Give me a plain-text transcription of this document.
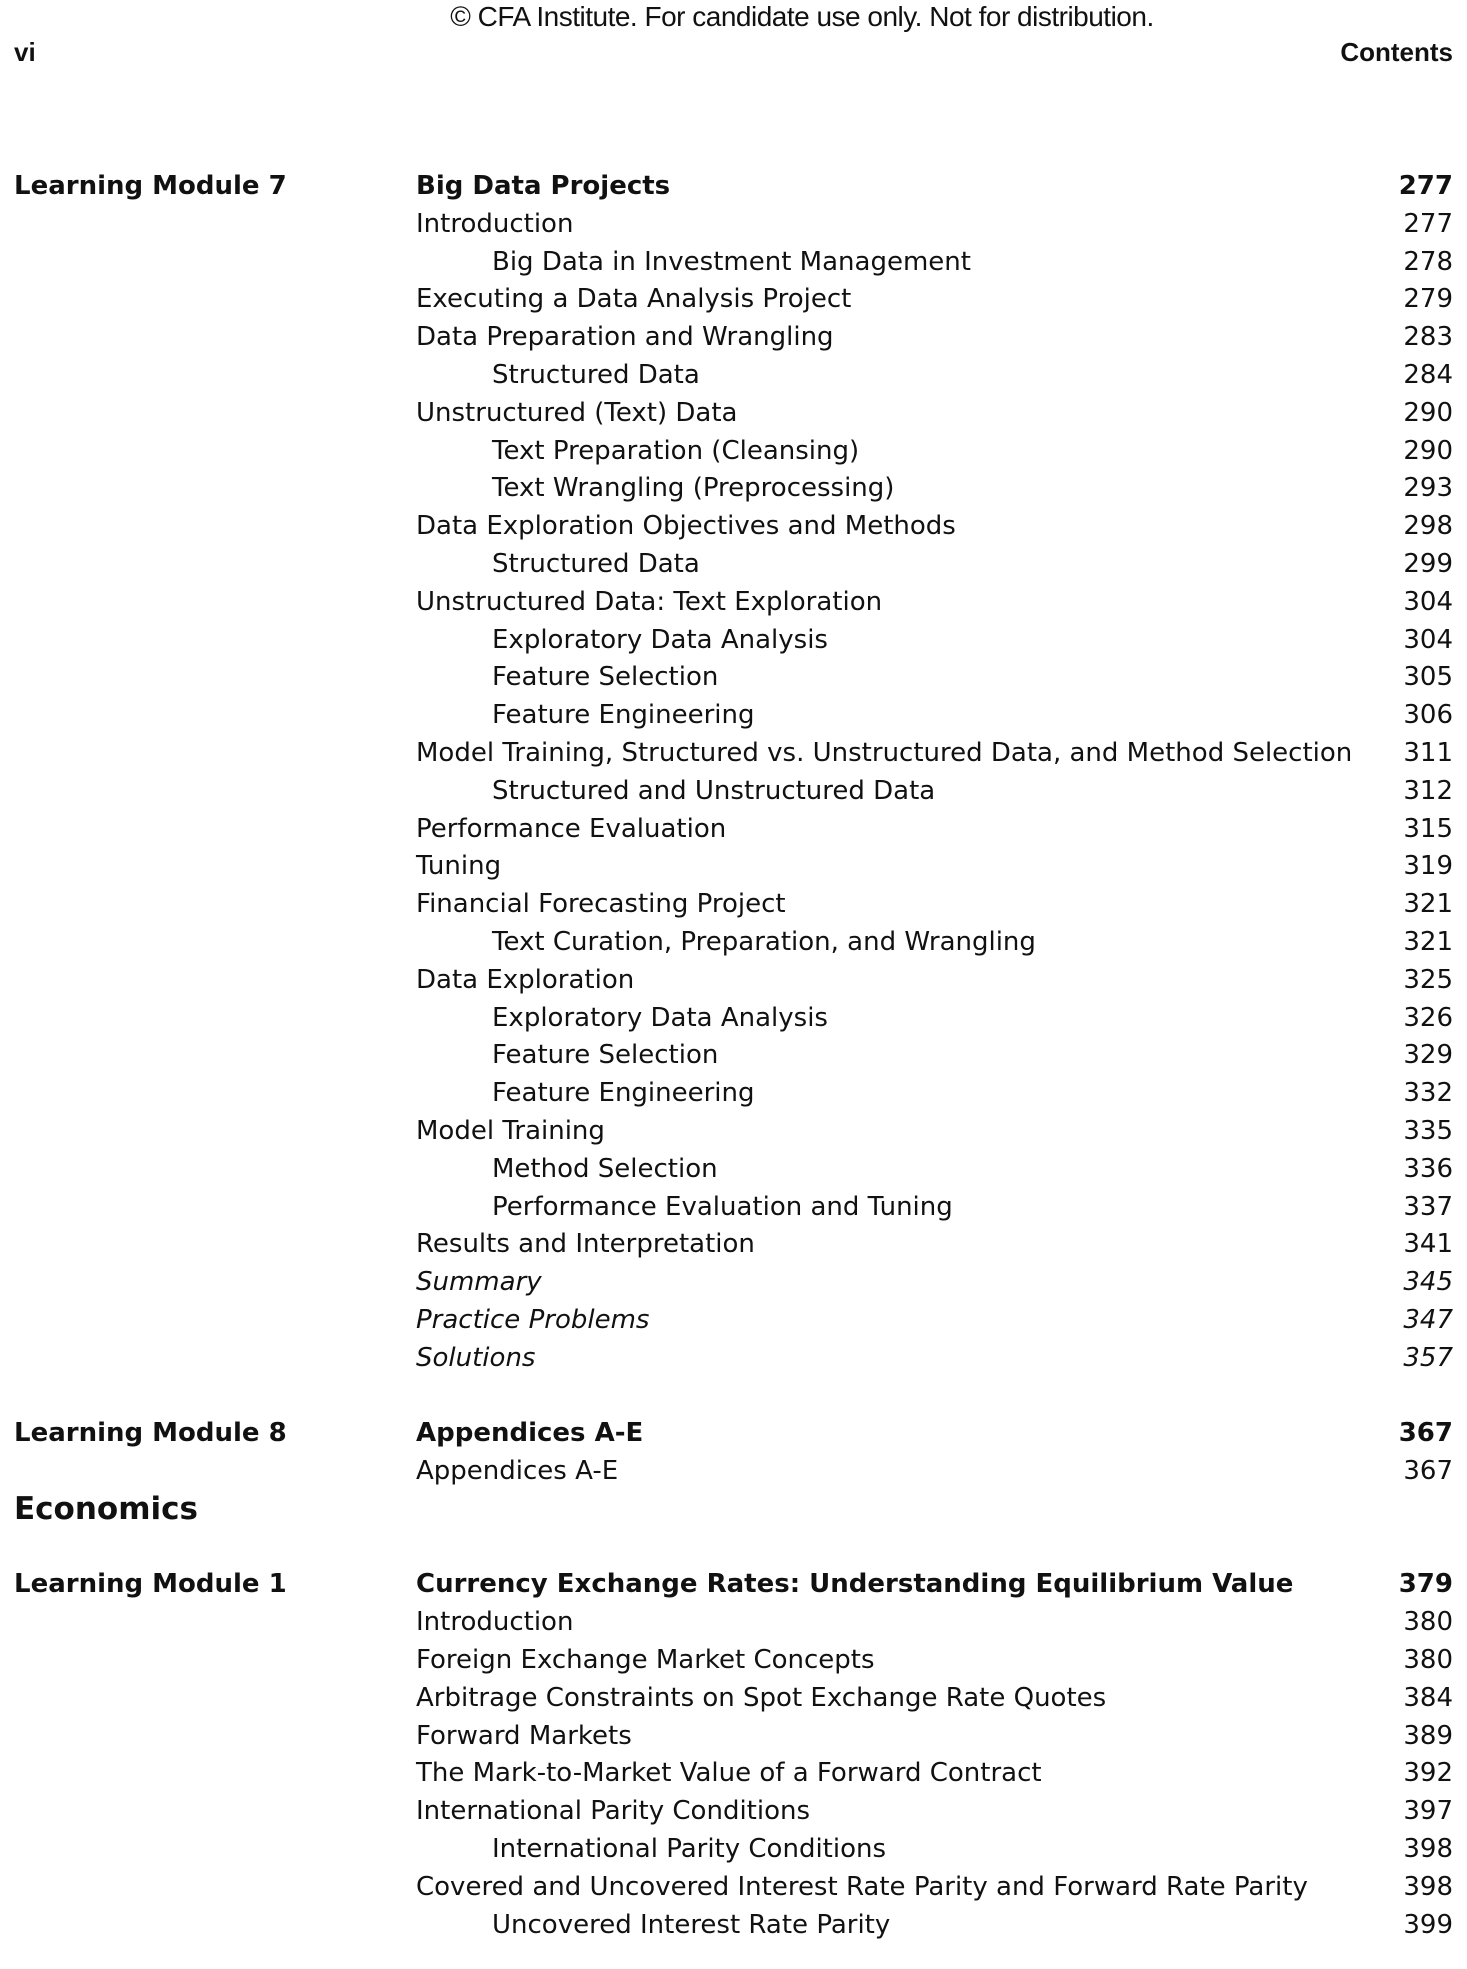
© CFA Institute. For candidate use only. Not for distribution.
vi	Contents
Learning Module 7	Big Data Projects	277
Introduction	277
Big Data in Investment Management	278
Executing a Data Analysis Project	279
Data Preparation and Wrangling	283
Structured Data	284
Unstructured (Text) Data	290
Text Preparation (Cleansing)	290
Text Wrangling (Preprocessing)	293
Data Exploration Objectives and Methods	298
Structured Data	299
Unstructured Data: Text Exploration	304
Exploratory Data Analysis	304
Feature Selection	305
Feature Engineering	306
Model Training, Structured vs. Unstructured Data, and Method Selection 311
Structured and Unstructured Data	312
Performance Evaluation	315
Tuning	319
Financial Forecasting Project	321
Text Curation, Preparation, and Wrangling	321
Data Exploration	325
Exploratory Data Analysis	326
Feature Selection	329
Feature Engineering	332
Model Training	335
Method Selection	336
Performance Evaluation and Tuning	337
Results and Interpretation	341
Summary	345
Practice Problems	347
Solutions	357
Learning Module 8	Appendices A-E	367
Appendices A-E	367
Economics
Learning Module 1	Currency Exchange Rates: Understanding Equilibrium Value	379
Introduction	380
Foreign Exchange Market Concepts	380
Arbitrage Constraints on Spot Exchange Rate Quotes	384
Forward Markets	389
The Mark-to-Market Value of a Forward Contract	392
International Parity Conditions	397
International Parity Conditions	398
Covered and Uncovered Interest Rate Parity and Forward Rate Parity	398
Uncovered Interest Rate Parity	399
